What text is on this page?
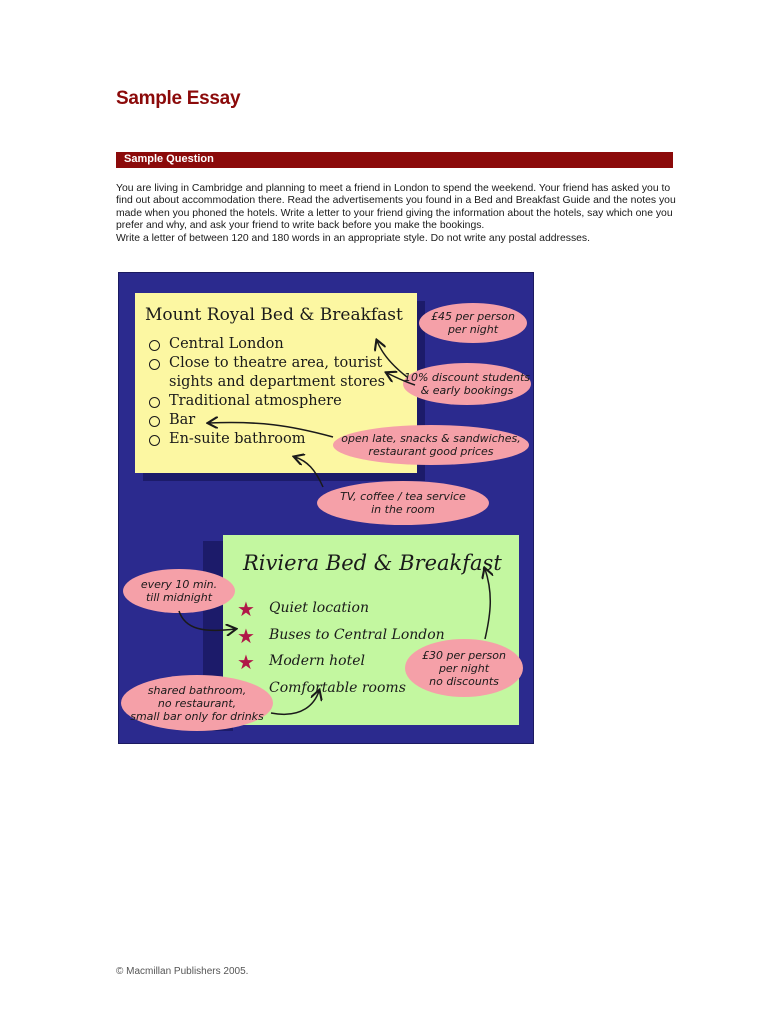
Sample Essay
Sample Question

You are living in Cambridge and planning to meet a friend in London to spend the weekend. Your friend has asked you to find out about accommodation there. Read the advertisements you found in a Bed and Breakfast Guide and the notes you made when you phoned the hotels. Write a letter to your friend giving the information about the hotels, say which one you prefer and why, and ask your friend to write back before you make the bookings.

Write a letter of between 120 and 180 words in an appropriate style. Do not write any postal addresses.

Mount Royal Bed & Breakfast
Central London
Close to theatre area, tourist
sights and department stores
Traditional atmosphere
Bar
En-suite bathroom
Riviera Bed & Breakfast
★ Quiet location
★ Buses to Central London
★ Modern hotel
Comfortable rooms
£45 per person
per night
10% discount students
& early bookings
open late, snacks & sandwiches,
restaurant good prices
TV, coffee / tea service
in the room
every 10 min.
till midnight
£30 per person
per night
no discounts
shared bathroom,
no restaurant,
small bar only for drinks
© Macmillan Publishers 2005.
